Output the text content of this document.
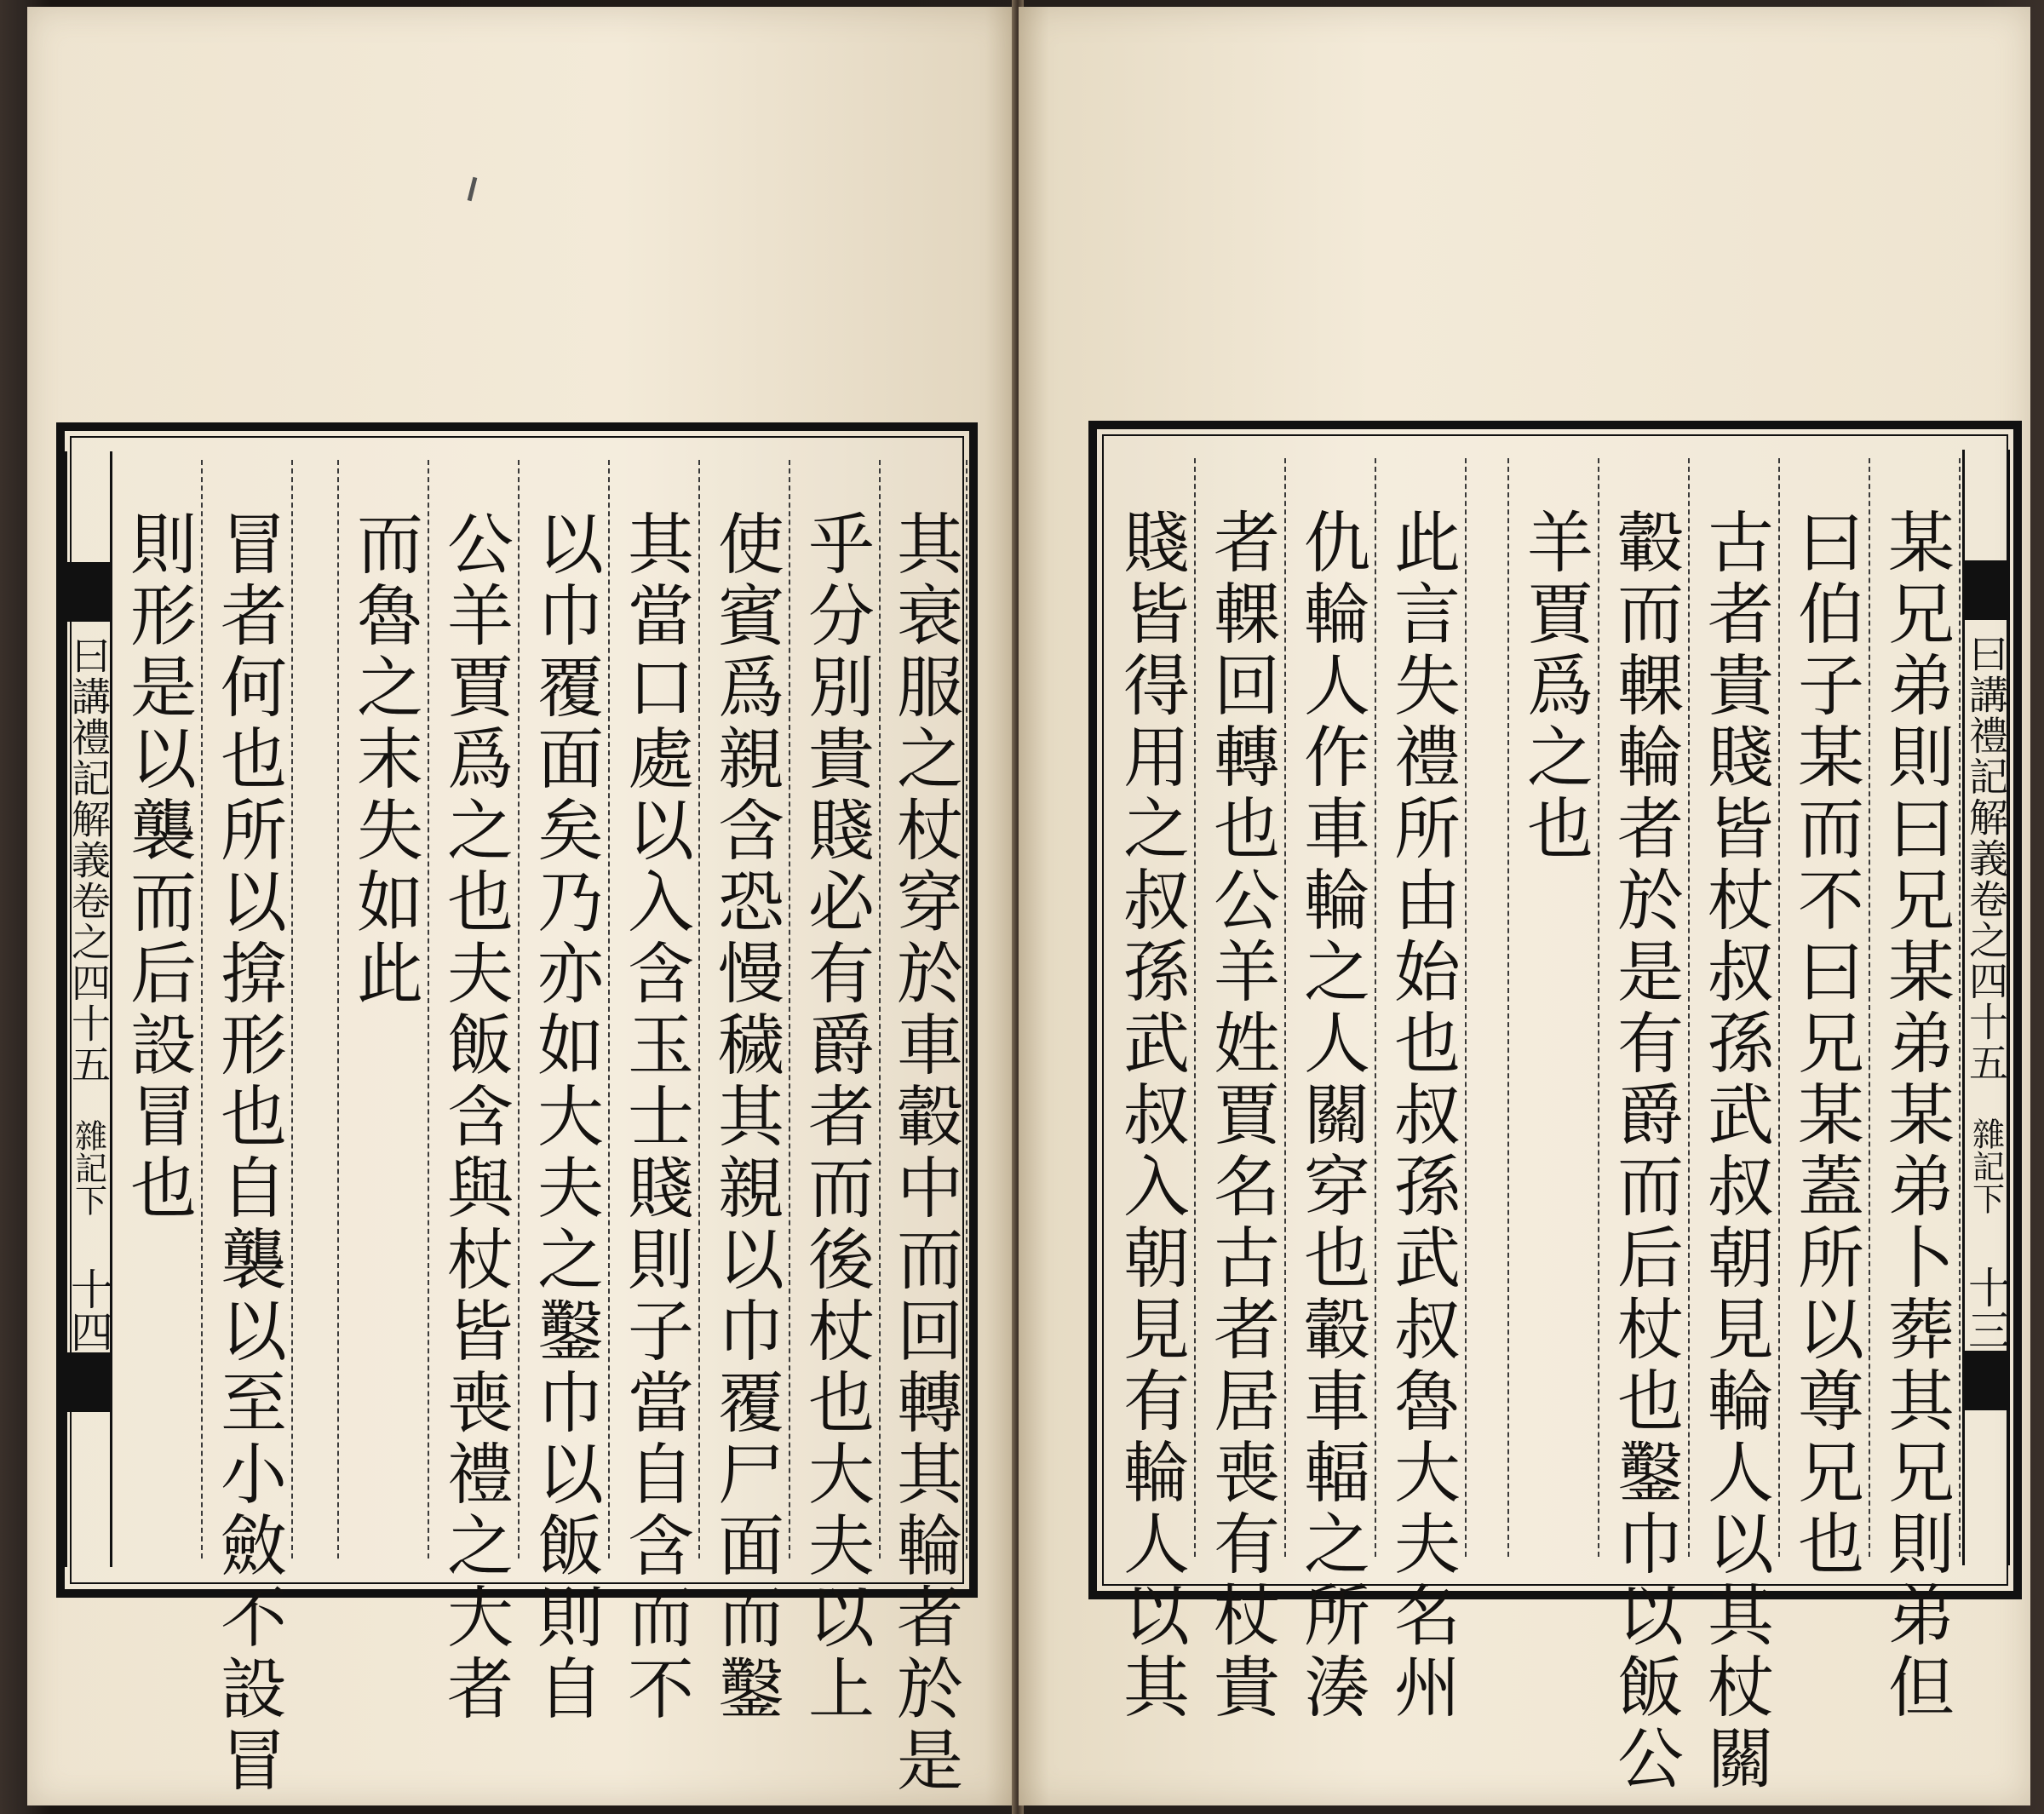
曰講禮記解義卷之四十五
雜記下
十四	其衰服之杖穿於車轂中而回轉其輪者於是
乎分別貴賤必有爵者而後杖也大夫以上
使賓爲親含恐慢穢其親以巾覆尸面而鑿
其當口處以入含玉士賤則子當自含而不
以巾覆面矣乃亦如大夫之鑿巾以飯則自
公羊賈爲之也夫飯含與杖皆喪禮之大者
而魯之末失如此
冒者何也所以揜形也自襲以至小斂不設冒
則形是以襲而后設冒也	某兄弟則曰兄某弟某弟卜葬其兄則弟但
曰伯子某而不曰兄某蓋所以尊兄也
古者貴賤皆杖叔孫武叔朝見輪人以其杖關
轂而輠輪者於是有爵而后杖也鑿巾以飯公
羊賈爲之也
此言失禮所由始也叔孫武叔魯大夫名州
仇輪人作車輪之人關穿也轂車輻之所湊
者輠回轉也公羊姓賈名古者居喪有杖貴
賤皆得用之叔孫武叔入朝見有輪人以其	曰講禮記解義卷之四十五
雜記下
十三
